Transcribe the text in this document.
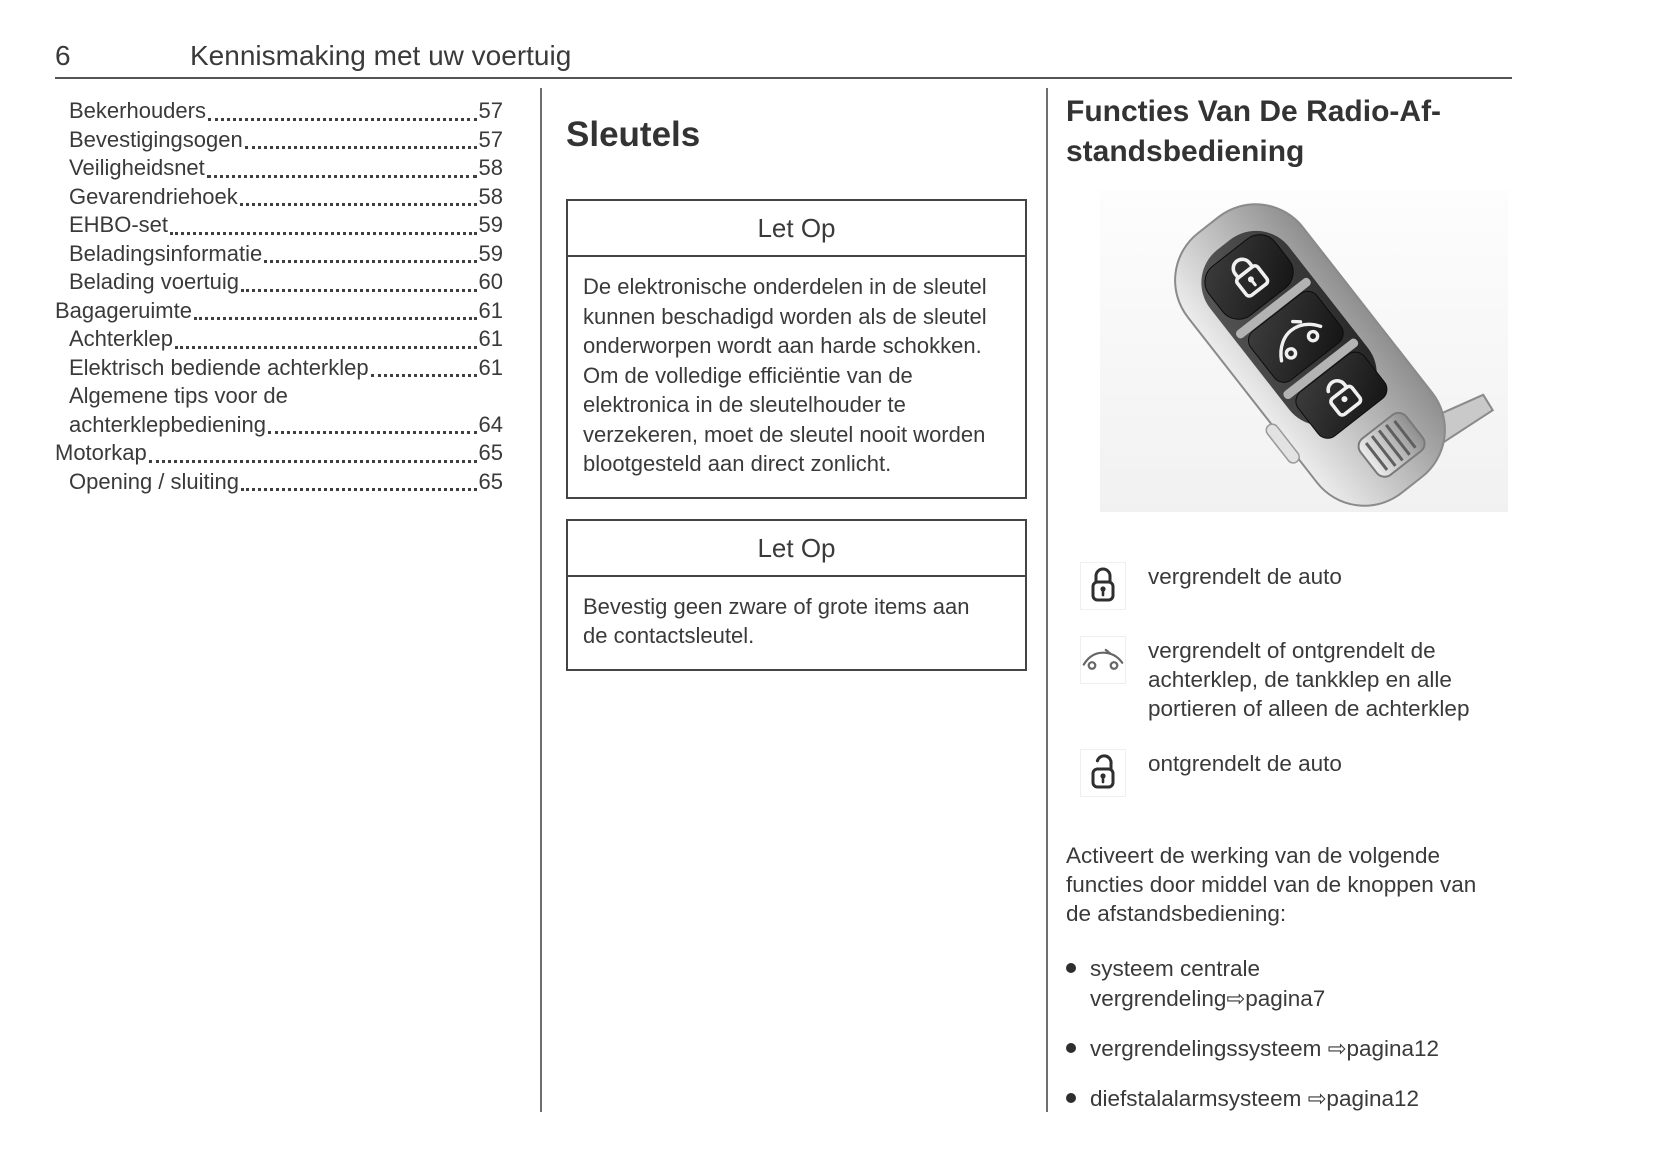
6	Kennismaking met uw voertuig
Bekerhouders	57
Bevestigingsogen	57
Veiligheidsnet	58
Gevarendriehoek	58
EHBO-set	59
Beladingsinformatie	59
Belading voertuig	60
Bagageruimte	61
Achterklep	61
Elektrisch bediende achterklep	61
Algemene tips voor de
achterklepbediening	64
Motorkap	65
Opening / sluiting	65
Sleutels
Let Op
De elektronische onderdelen in de sleutel kunnen beschadigd worden als de sleutel onderworpen wordt aan harde schokken. Om de volledige efficiëntie van de elektronica in de sleutelhouder te verzekeren, moet de sleutel nooit worden blootgesteld aan direct zonlicht.
Let Op
Bevestig geen zware of grote items aan de contactsleutel.
Functies Van De Radio-Af-
standsbediening
vergrendelt de auto
vergrendelt of ontgrendelt de achterklep, de tankklep en alle portieren of alleen de achterklep
ontgrendelt de auto

Activeert de werking van de volgende functies door middel van de knoppen van de afstandsbediening:

systeem centrale vergrendeling⇨pagina7
vergrendelingssysteem ⇨pagina12
diefstalalarmsysteem ⇨pagina12
